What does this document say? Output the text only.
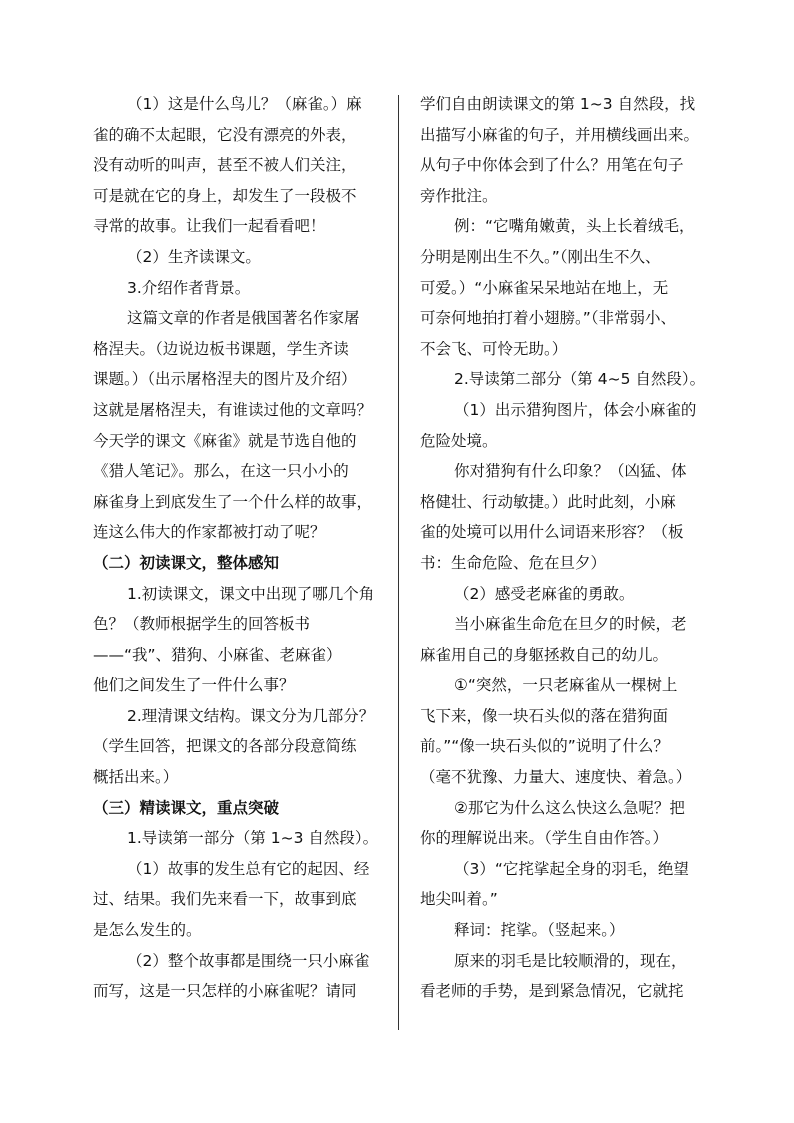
（1）这是什么鸟儿？（麻雀。）麻
雀的确不太起眼，它没有漂亮的外表，
没有动听的叫声，甚至不被人们关注，
可是就在它的身上，却发生了一段极不
寻常的故事。让我们一起看看吧！
（2）生齐读课文。
3.介绍作者背景。
这篇文章的作者是俄国著名作家屠
格涅夫。（边说边板书课题，学生齐读
课题。）（出示屠格涅夫的图片及介绍）
这就是屠格涅夫，有谁读过他的文章吗？
今天学的课文《麻雀》就是节选自他的
《猎人笔记》。那么，在这一只小小的
麻雀身上到底发生了一个什么样的故事，
连这么伟大的作家都被打动了呢？
（二）初读课文，整体感知
1.初读课文，课文中出现了哪几个角
色？（教师根据学生的回答板书
——“我”、猎狗、小麻雀、老麻雀）
他们之间发生了一件什么事？
2.理清课文结构。课文分为几部分？
（学生回答，把课文的各部分段意简练
概括出来。）
（三）精读课文，重点突破
1.导读第一部分（第 1~3 自然段）。
（1）故事的发生总有它的起因、经
过、结果。我们先来看一下，故事到底
是怎么发生的。
（2）整个故事都是围绕一只小麻雀
而写，这是一只怎样的小麻雀呢？请同
学们自由朗读课文的第 1~3 自然段，找
出描写小麻雀的句子，并用横线画出来。
从句子中你体会到了什么？用笔在句子
旁作批注。
例：“它嘴角嫩黄，头上长着绒毛，
分明是刚出生不久。”（刚出生不久、
可爱。）“小麻雀呆呆地站在地上，无
可奈何地拍打着小翅膀。”（非常弱小、
不会飞、可怜无助。）
2.导读第二部分（第 4~5 自然段）。
（1）出示猎狗图片，体会小麻雀的
危险处境。
你对猎狗有什么印象？（凶猛、体
格健壮、行动敏捷。）此时此刻，小麻
雀的处境可以用什么词语来形容？（板
书：生命危险、危在旦夕）
（2）感受老麻雀的勇敢。
当小麻雀生命危在旦夕的时候，老
麻雀用自己的身躯拯救自己的幼儿。
①“突然，一只老麻雀从一棵树上
飞下来，像一块石头似的落在猎狗面
前。”“像一块石头似的”说明了什么？
（毫不犹豫、力量大、速度快、着急。）
②那它为什么这么快这么急呢？把
你的理解说出来。（学生自由作答。）
（3）“它挓挲起全身的羽毛，绝望
地尖叫着。”
释词：挓挲。（竖起来。）
原来的羽毛是比较顺滑的，现在，
看老师的手势，是到紧急情况，它就挓
